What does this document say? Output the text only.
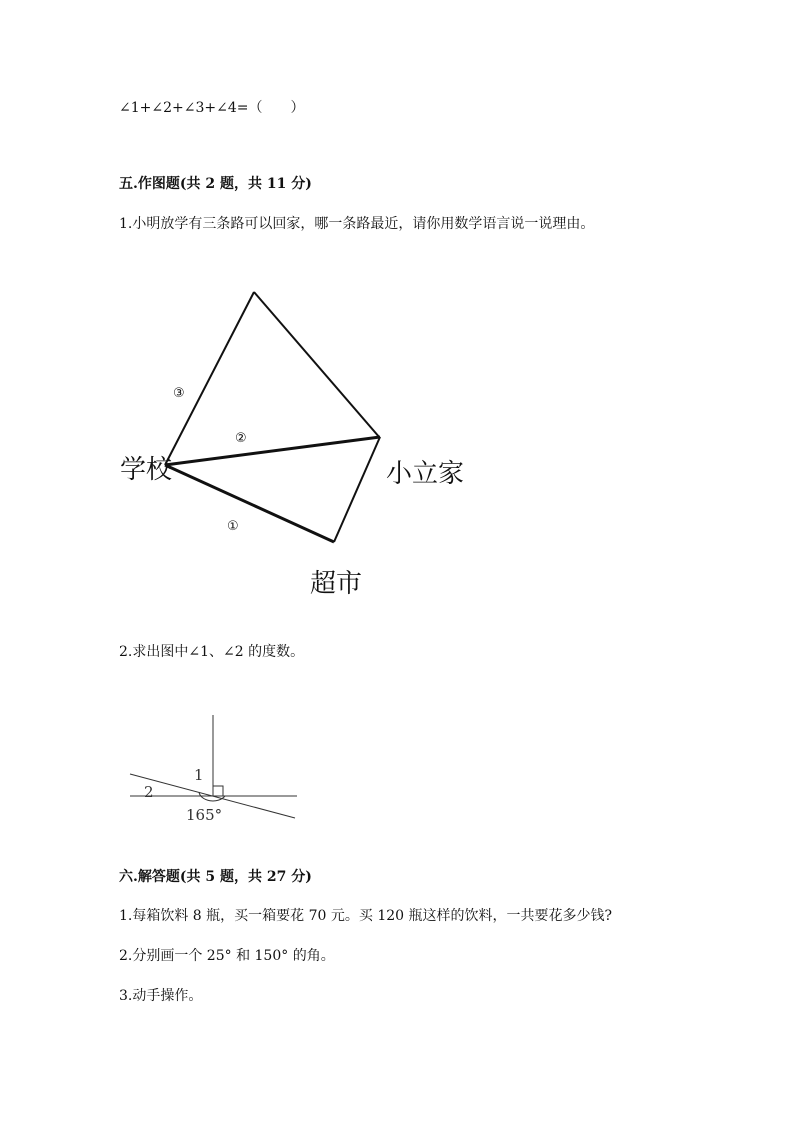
∠1+∠2+∠3+∠4=（　　）
五.作图题(共 2 题，共 11 分)
1.小明放学有三条路可以回家，哪一条路最近，请你用数学语言说一说理由。
学校	小立家
超市
③
②
①
2.求出图中∠1、∠2 的度数。
1
2
165°
六.解答题(共 5 题，共 27 分)
1.每箱饮料 8 瓶，买一箱要花 70 元。买 120 瓶这样的饮料，一共要花多少钱?
2.分别画一个 25° 和 150° 的角。
3.动手操作。
